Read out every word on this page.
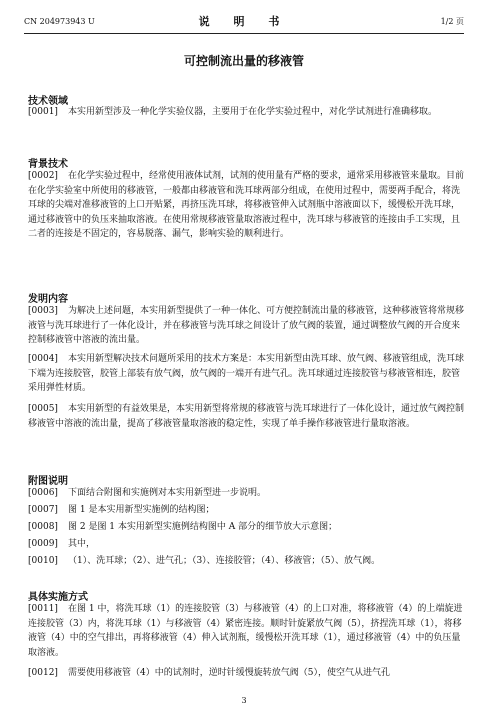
CN 204973943 U	说 明 书	1/2 页
可控制流出量的移液管
技术领域
[0001] 本实用新型涉及一种化学实验仪器，主要用于在化学实验过程中，对化学试剂进行准确移取。
背景技术
[0002] 在化学实验过程中，经常使用液体试剂，试剂的使用量有严格的要求，通常采用移液管来量取。目前在化学实验室中所使用的移液管，一般都由移液管和洗耳球两部分组成，在使用过程中，需要两手配合，将洗耳球的尖端对准移液管的上口开贴紧，再挤压洗耳球，将移液管伸入试剂瓶中溶液面以下，缓慢松开洗耳球，通过移液管中的负压来抽取溶液。在使用常规移液管量取溶液过程中，洗耳球与移液管的连接由手工实现，且二者的连接是不固定的，容易脱落、漏气，影响实验的顺利进行。
发明内容
[0003] 为解决上述问题，本实用新型提供了一种一体化、可方便控制流出量的移液管，这种移液管将常规移液管与洗耳球进行了一体化设计，并在移液管与洗耳球之间设计了放气阀的装置，通过调整放气阀的开合度来控制移液管中溶液的流出量。
[0004] 本实用新型解决技术问题所采用的技术方案是：本实用新型由洗耳球、放气阀、移液管组成，洗耳球下端为连接胶管，胶管上部装有放气阀，放气阀的一端开有进气孔。洗耳球通过连接胶管与移液管相连，胶管采用弹性材质。
[0005] 本实用新型的有益效果是，本实用新型将常规的移液管与洗耳球进行了一体化设计，通过放气阀控制移液管中溶液的流出量，提高了移液管量取溶液的稳定性，实现了单手操作移液管进行量取溶液。
附图说明
[0006] 下面结合附图和实施例对本实用新型进一步说明。
[0007] 图 1 是本实用新型实施例的结构图；
[0008] 图 2 是图 1 本实用新型实施例结构图中 A 部分的细节放大示意图；
[0009] 其中，
[0010] （1）、洗耳球；（2）、进气孔；（3）、连接胶管；（4）、移液管；（5）、放气阀。
具体实施方式
[0011] 在图 1 中，将洗耳球（1）的连接胶管（3）与移液管（4）的上口对准，将移液管（4）的上端旋进连接胶管（3）内，将洗耳球（1）与移液管（4）紧密连接。顺时针旋紧放气阀（5），挤捏洗耳球（1），将移液管（4）中的空气排出，再将移液管（4）伸入试剂瓶，缓慢松开洗耳球（1），通过移液管（4）中的负压量取溶液。
[0012] 需要使用移液管（4）中的试剂时，逆时针缓慢旋转放气阀（5），使空气从进气孔
3
